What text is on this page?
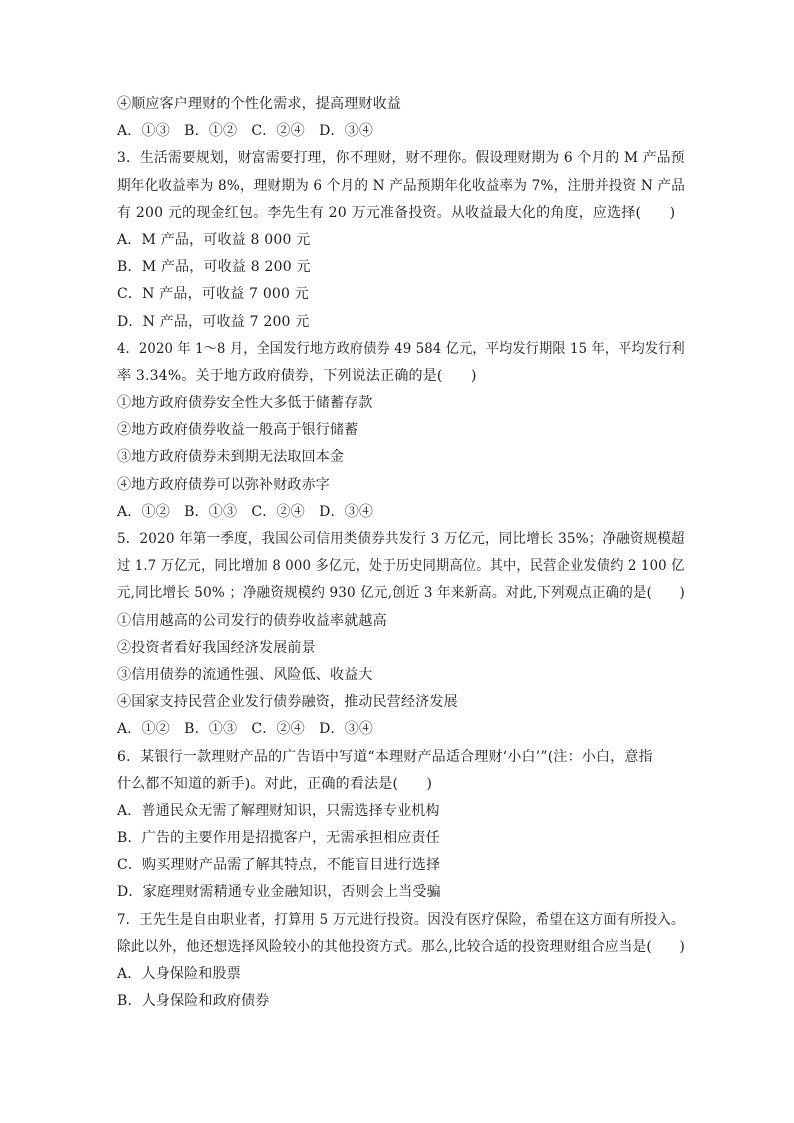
④顺应客户理财的个性化需求，提高理财收益
A．①③　B．①②　C．②④　D．③④
3．生活需要规划，财富需要打理，你不理财，财不理你。假设理财期为 6 个月的 M 产品预
期年化收益率为 8%，理财期为 6 个月的 N 产品预期年化收益率为 7%，注册并投资 N 产品
有 200 元的现金红包。李先生有 20 万元准备投资。从收益最大化的角度，应选择(　　)
A．M 产品，可收益 8 000 元
B．M 产品，可收益 8 200 元
C．N 产品，可收益 7 000 元
D．N 产品，可收益 7 200 元
4．2020 年 1～8 月，全国发行地方政府债券 49 584 亿元，平均发行期限 15 年，平均发行利
率 3.34%。关于地方政府债券，下列说法正确的是(　　)
①地方政府债券安全性大多低于储蓄存款
②地方政府债券收益一般高于银行储蓄
③地方政府债券未到期无法取回本金
④地方政府债券可以弥补财政赤字
A．①②　B．①③　C．②④　D．③④
5．2020 年第一季度，我国公司信用类债券共发行 3 万亿元，同比增长 35%；净融资规模超
过 1.7 万亿元，同比增加 8 000 多亿元，处于历史同期高位。其中，民营企业发债约 2 100 亿
元,同比增长 50% ；净融资规模约 930 亿元,创近 3 年来新高。对此,下列观点正确的是(　　)
①信用越高的公司发行的债券收益率就越高
②投资者看好我国经济发展前景
③信用债券的流通性强、风险低、收益大
④国家支持民营企业发行债券融资，推动民营经济发展
A．①②　B．①③　C．②④　D．③④
6．某银行一款理财产品的广告语中写道“本理财产品适合理财‘小白’”(注：小白，意指
什么都不知道的新手)。对此，正确的看法是(　　)
A．普通民众无需了解理财知识，只需选择专业机构
B．广告的主要作用是招揽客户，无需承担相应责任
C．购买理财产品需了解其特点，不能盲目进行选择
D．家庭理财需精通专业金融知识，否则会上当受骗
7．王先生是自由职业者，打算用 5 万元进行投资。因没有医疗保险，希望在这方面有所投入。
除此以外，他还想选择风险较小的其他投资方式。那么,比较合适的投资理财组合应当是(　　)
A．人身保险和股票
B．人身保险和政府债券
